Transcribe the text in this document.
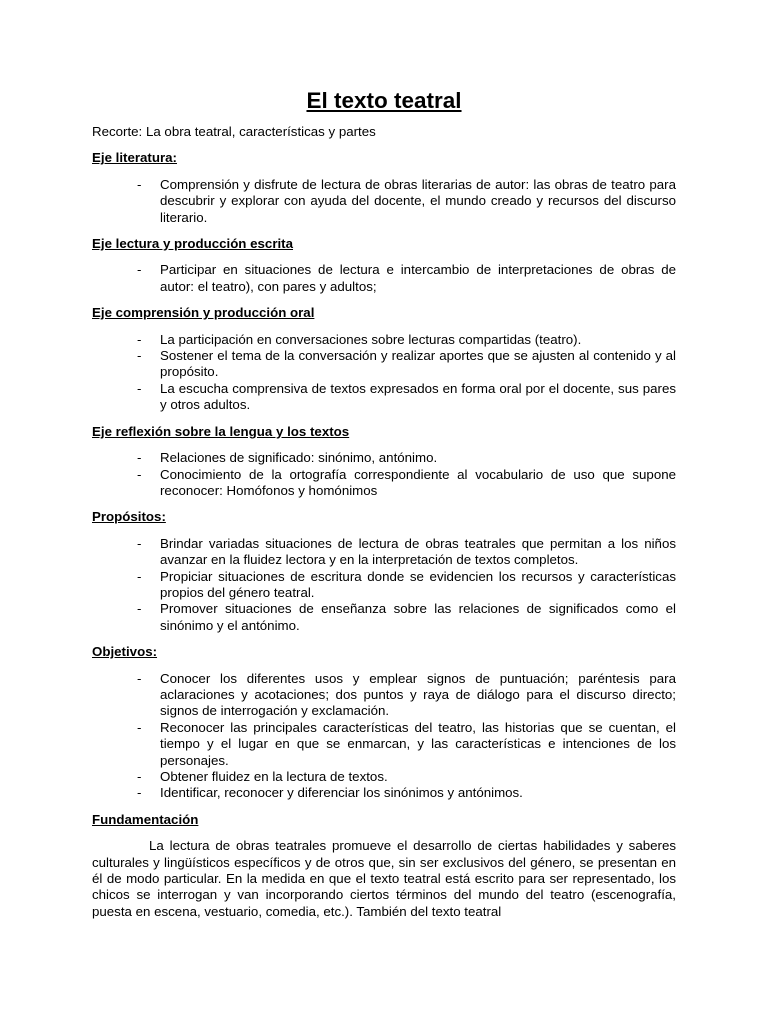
El texto teatral

Recorte: La obra teatral, características y partes

Eje literatura:

- Comprensión y disfrute de lectura de obras literarias de autor: las obras de teatro para descubrir y explorar con ayuda del docente, el mundo creado y recursos del discurso literario.

Eje lectura y producción escrita

- Participar en situaciones de lectura e intercambio de interpretaciones de obras de autor: el teatro), con pares y adultos;

Eje comprensión y producción oral

- La participación en conversaciones sobre lecturas compartidas (teatro).
- Sostener el tema de la conversación y realizar aportes que se ajusten al contenido y al propósito.
- La escucha comprensiva de textos expresados en forma oral por el docente, sus pares y otros adultos.

Eje reflexión sobre la lengua y los textos

- Relaciones de significado: sinónimo, antónimo.
- Conocimiento de la ortografía correspondiente al vocabulario de uso que supone reconocer: Homófonos y homónimos

Propósitos:

- Brindar variadas situaciones de lectura de obras teatrales que permitan a los niños avanzar en la fluidez lectora y en la interpretación de textos completos.
- Propiciar situaciones de escritura donde se evidencien los recursos y características propios del género teatral.
- Promover situaciones de enseñanza sobre las relaciones de significados como el sinónimo y el antónimo.

Objetivos:

- Conocer los diferentes usos y emplear signos de puntuación; paréntesis para aclaraciones y acotaciones; dos puntos y raya de diálogo para el discurso directo; signos de interrogación y exclamación.
- Reconocer las principales características del teatro, las historias que se cuentan, el tiempo y el lugar en que se enmarcan, y las características e intenciones de los personajes.
- Obtener fluidez en la lectura de textos.
- Identificar, reconocer y diferenciar los sinónimos y antónimos.

Fundamentación

La lectura de obras teatrales promueve el desarrollo de ciertas habilidades y saberes culturales y lingüísticos específicos y de otros que, sin ser exclusivos del género, se presentan en él de modo particular. En la medida en que el texto teatral está escrito para ser representado, los chicos se interrogan y van incorporando ciertos términos del mundo del teatro (escenografía, puesta en escena, vestuario, comedia, etc.). También del texto teatral
